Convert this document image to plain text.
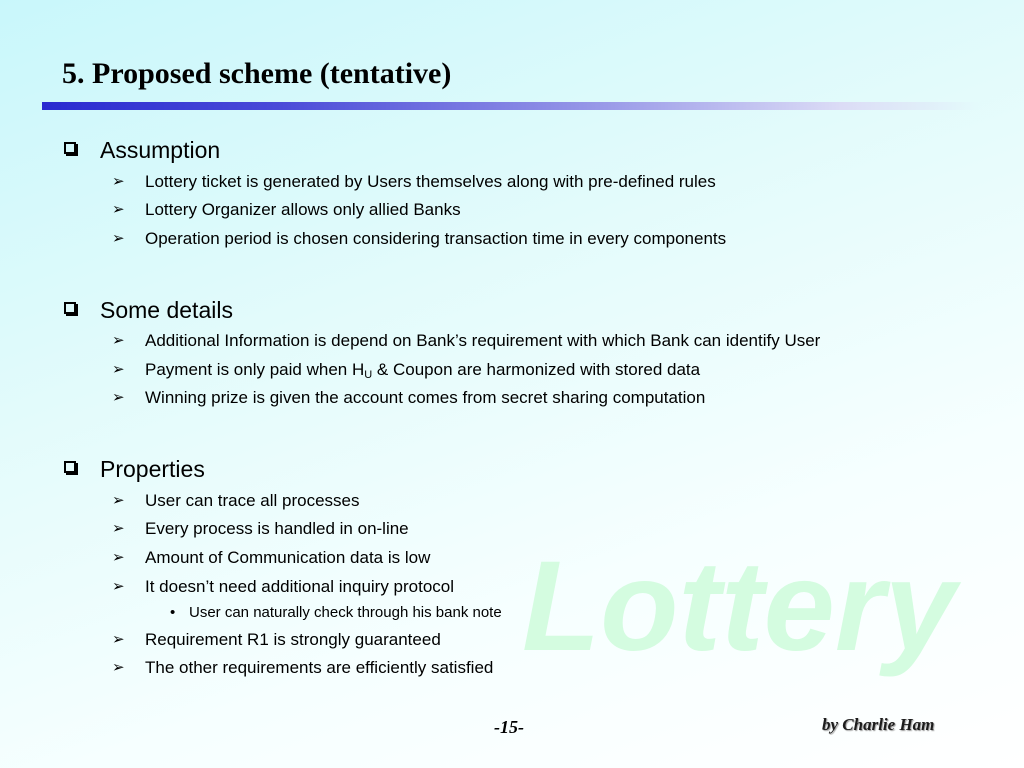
Lottery
5. Proposed scheme (tentative)
Assumption
➢ Lottery ticket is generated by Users themselves along with pre-defined rules
➢ Lottery Organizer allows only allied Banks
➢ Operation period is chosen considering transaction time in every components
Some details
➢ Additional Information is depend on Bank’s requirement with which Bank can identify User
➢ Payment is only paid when $H_U$ & Coupon are harmonized with stored data
➢ Winning prize is given the account comes from secret sharing computation
Properties
➢ User can trace all processes
➢ Every process is handled in on-line
➢ Amount of Communication data is low
➢ It doesn’t need additional inquiry protocol
• User can naturally check through his bank note
➢ Requirement R1 is strongly guaranteed
➢ The other requirements are efficiently satisfied
-15-	by Charlie Ham
